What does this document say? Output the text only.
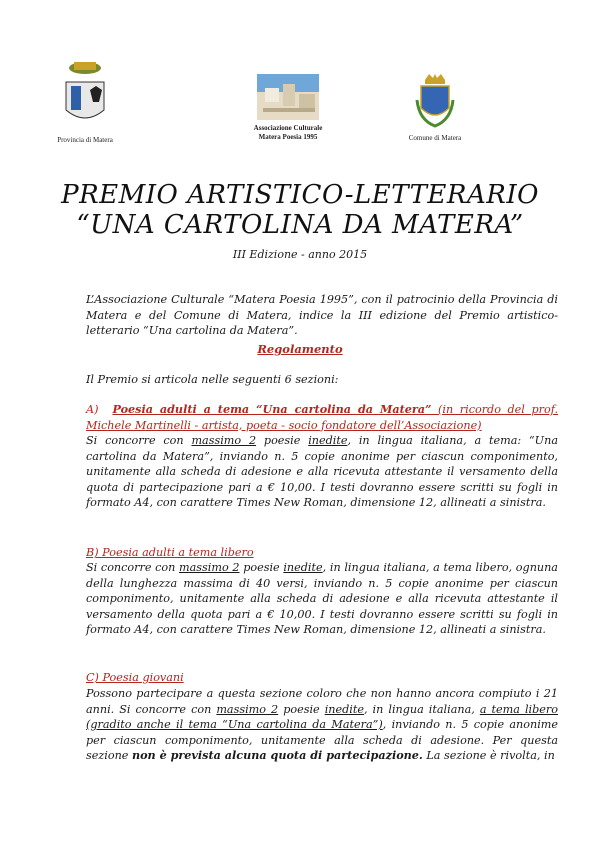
Provincia di Matera
Associazione Culturale
Matera Poesia 1995	Comune di Matera
PREMIO ARTISTICO-LETTERARIO
“UNA CARTOLINA DA MATERA”
III Edizione - anno 2015
L’Associazione Culturale “Matera Poesia 1995”, con il patrocinio della Provincia di Matera e del Comune di Matera, indice la III edizione del Premio artistico-letterario “Una cartolina da Matera”.
Regolamento
Il Premio si articola nelle seguenti 6 sezioni:
A) Poesia adulti a tema “Una cartolina da Matera” (in ricordo del prof. Michele Martinelli - artista, poeta - socio fondatore dell’Associazione)
Si concorre con massimo 2 poesie inedite, in lingua italiana, a tema: “Una cartolina da Matera”, inviando n. 5 copie anonime per ciascun componimento, unitamente alla scheda di adesione e alla ricevuta attestante il versamento della quota di partecipazione pari a € 10,00. I testi dovranno essere scritti su fogli in formato A4, con carattere Times New Roman, dimensione 12, allineati a sinistra.
B) Poesia adulti a tema libero
Si concorre con massimo 2 poesie inedite, in lingua italiana, a tema libero, ognuna della lunghezza massima di 40 versi, inviando n. 5 copie anonime per ciascun componimento, unitamente alla scheda di adesione e alla ricevuta attestante il versamento della quota pari a € 10,00. I testi dovranno essere scritti su fogli in formato A4, con carattere Times New Roman, dimensione 12, allineati a sinistra.
C) Poesia giovani
Possono partecipare a questa sezione coloro che non hanno ancora compiuto i 21 anni. Si concorre con massimo 2 poesie inedite, in lingua italiana, a tema libero (gradito anche il tema “Una cartolina da Matera”), inviando n. 5 copie anonime per ciascun componimento, unitamente alla scheda di adesione. Per questa sezione non è prevista alcuna quota di partecipazione. La sezione è rivolta, in
